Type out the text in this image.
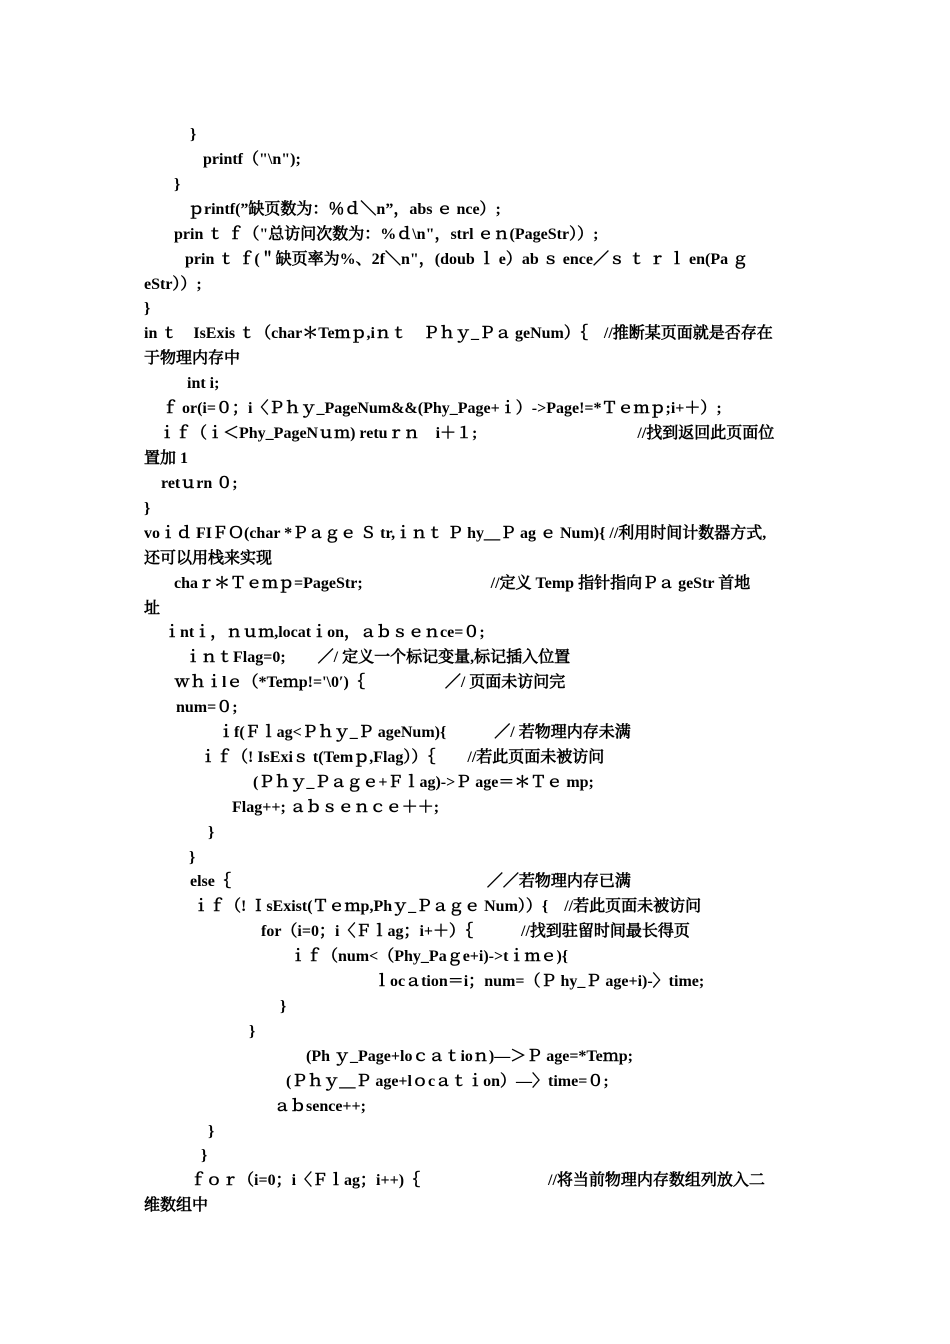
}
printf（"\n");
}
ｐrintf(”缺页数为：％ｄ＼n”，abs ｅ nce）;
prin ｔ ｆ（"总访问次数为：%ｄ\n"，strl ｅｎ(PageStr））;
prin ｔ ｆ(＂缺页率为%、2f＼n"，(doub ｌ e）ab ｓ ence／ｓ ｔ ｒ ｌ en(Pa ｇ
eStr））;
}
in ｔ　IsExis ｔ（char＊Teｍｐ,iｎｔ　Ｐｈｙ_Ｐａ geNum）｛　//推断某页面就是否存在
于物理内存中
int i;
ｆ or(i=０；i〈Ｐｈｙ_PageNum&&(Phy_Page+ｉ）->Page!=*Ｔｅｍｐ;i+＋）;
ｉｆ（ｉ＜Phy_PageNｕｍ) retuｒｎ　i＋１;　　　　　　　　　　//找到返回此页面位
置加 1
retｕrn ０;
}
voｉｄ FIＦＯ(char *Ｐａｇｅ Ｓ tr,ｉｎｔ Ｐ hy＿Ｐ ag ｅ Num){ //利用时间计数器方式,
还可以用栈来实现
chaｒ＊Ｔｅｍｐ=PageStr;　　　　　　　　//定义 Temp 指针指向Ｐａ geStr 首地
址
ｉntｉ，ｎｕｍ,locatｉon，ａｂｓｅｎce=０;
ｉｎｔFlag=0;　　／/ 定义一个标记变量,标记插入位置
ｗｈｉlｅ（*Teｍp!='\0′)｛　　　　　／/ 页面未访问完
num=０;
ｉf(Ｆｌag<Ｐｈｙ_Ｐ ageNum){　　　／/ 若物理内存未满
ｉｆ（! IsExiｓ t(Temｐ,Flag））｛　　//若此页面未被访问
(Ｐｈｙ_Ｐａｇｅ+Ｆｌag)->Ｐ age＝＊Ｔｅ mp;
Flag++; ａｂｓｅｎｃｅ＋＋;
}
}
else｛　　　　　　　　　　　　　　　　／／若物理内存已满
ｉｆ（! ＩsExist(Ｔｅｍp,Phｙ_Ｐａｇｅ Num））{　//若此页面未被访问
for（i=0；i〈Ｆｌag；i+＋）｛　　　//找到驻留时间最长得页
ｉｆ（num<（Phy_Paｇe+i)->tｉｍｅ){
ｌocａtion＝i；num=（Ｐ hy_Ｐ age+i)-〉time;
}
}
(Ph ｙ_Page+loｃａｔioｎ)—＞Ｐ age=*Teｍp;
(Ｐｈｙ＿Ｐ age+lｏcａｔｉon）—〉time=０;
ａｂsence++;
}
}
ｆｏｒ（i=0；i〈Ｆｌag；i++)｛　　　　　　　　//将当前物理内存数组列放入二
维数组中
